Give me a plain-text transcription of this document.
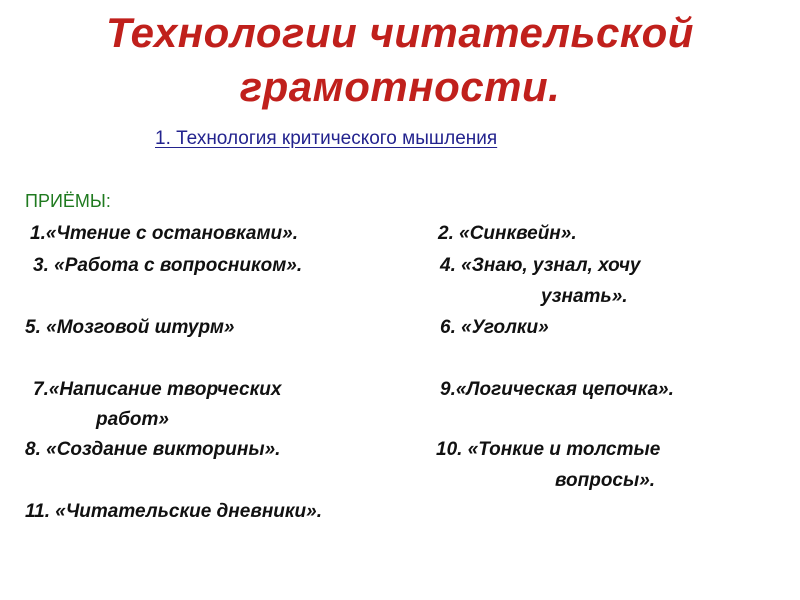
Технологии читательской
грамотности.
1. Технология критического мышления
ПРИЁМЫ:
1.«Чтение с остановками».	2. «Синквейн».
3. «Работа с вопросником».	4. «Знаю, узнал, хочу
узнать».
5. «Мозговой штурм»	6. «Уголки»
7.«Написание творческих	9.«Логическая цепочка».
работ»
8. «Создание викторины».	10. «Тонкие и толстые
вопросы».
11. «Читательские дневники».
